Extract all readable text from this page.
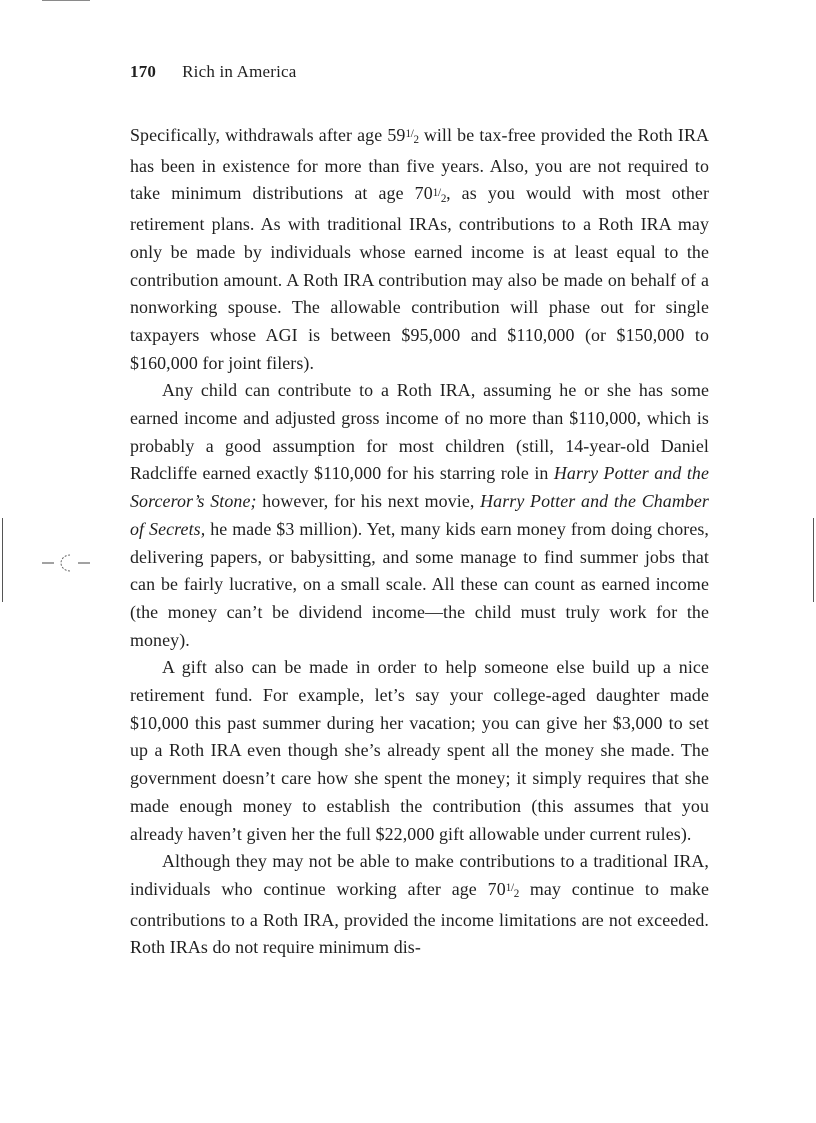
170 Rich in America

Specifically, withdrawals after age $59^{1/2}$ will be tax-free provided the Roth IRA has been in existence for more than five years. Also, you are not required to take minimum distributions at age $70^{1/2}$, as you would with most other retirement plans. As with traditional IRAs, contributions to a Roth IRA may only be made by individuals whose earned income is at least equal to the contribution amount. A Roth IRA contribution may also be made on behalf of a nonworking spouse. The allowable contribution will phase out for single taxpayers whose AGI is between $95,000 and $110,000 (or $150,000 to $160,000 for joint filers).

Any child can contribute to a Roth IRA, assuming he or she has some earned income and adjusted gross income of no more than $110,000, which is probably a good assumption for most children (still, 14-year-old Daniel Radcliffe earned exactly $110,000 for his starring role in Harry Potter and the Sorceror’s Stone; however, for his next movie, Harry Potter and the Chamber of Secrets, he made $3 million). Yet, many kids earn money from doing chores, delivering papers, or babysitting, and some manage to find summer jobs that can be fairly lucrative, on a small scale. All these can count as earned income (the money can’t be dividend income—the child must truly work for the money).

A gift also can be made in order to help someone else build up a nice retirement fund. For example, let’s say your college-aged daughter made $10,000 this past summer during her vacation; you can give her $3,000 to set up a Roth IRA even though she’s already spent all the money she made. The government doesn’t care how she spent the money; it simply requires that she made enough money to establish the contribution (this assumes that you already haven’t given her the full $22,000 gift allowable under current rules).

Although they may not be able to make contributions to a traditional IRA, individuals who continue working after age $70^{1/2}$ may continue to make contributions to a Roth IRA, provided the income limitations are not exceeded. Roth IRAs do not require minimum dis-
